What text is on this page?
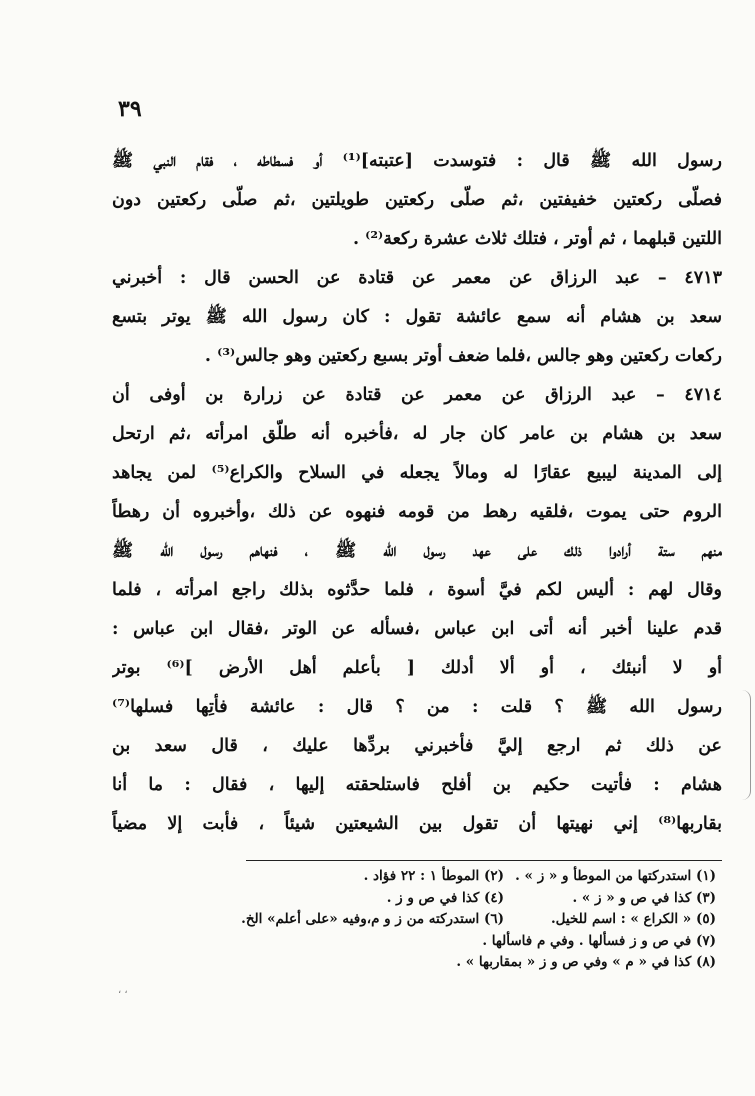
٣٩
رسول الله ﷺ قال : فتوسدت [عتبته]⁽¹⁾ أو فسطاطه ، فقام النبي ﷺ
فصلّى ركعتين خفيفتين ،ثم صلّى ركعتين طويلتين ،ثم صلّى ركعتين دون
اللتين قبلهما ، ثم أوتر ، فتلك ثلاث عشرة ركعة⁽²⁾ .
٤٧١٣ – عبد الرزاق عن معمر عن قتادة عن الحسن قال : أخبرني
سعد بن هشام أنه سمع عائشة تقول : كان رسول الله ﷺ يوتر بتسع
ركعات ركعتين وهو جالس ،فلما ضعف أوتر بسبع ركعتين وهو جالس⁽³⁾ .
٤٧١٤ – عبد الرزاق عن معمر عن قتادة عن زرارة بن أوفى أن
سعد بن هشام بن عامر كان جار له ،فأخبره أنه طلّق امرأته ،ثم ارتحل
إلى المدينة ليبيع عقارًا له ومالاً يجعله في السلاح والكراع⁽⁵⁾ لمن يجاهد
الروم حتى يموت ،فلقيه رهط من قومه فنهوه عن ذلك ،وأخبروه أن رهطاً
منهم ستة أرادوا ذلك على عهد رسول الله ﷺ ، فنهاهم رسول الله ﷺ
وقال لهم : أليس لكم فيَّ أسوة ، فلما حدَّثوه بذلك راجع امرأته ، فلما
قدم علينا أخبر أنه أتى ابن عباس ،فسأله عن الوتر ،فقال ابن عباس :
أو لا أنبئك ، أو ألا أدلك [ بأعلم أهل الأرض ]⁽⁶⁾ بوتر
رسول الله ﷺ ؟ قلت : من ؟ قال : عائشة فأتِها فسلها⁽⁷⁾
عن ذلك ثم ارجع إليَّ فأخبرني بردِّها عليك ، قال سعد بن
هشام : فأتيت حكيم بن أفلح فاستلحقته إليها ، فقال : ما أنا
بقاربها⁽⁸⁾ إني نهيتها أن تقول بين الشيعتين شيئاً ، فأبت إلا مضياً
(١) استدركتها من الموطأ و « ز » .
(٢) الموطأ ١ : ٢٢ فؤاد .
(٣) كذا في ص و « ز » .
(٤) كذا في ص و ز .
(٥) « الكراع » : اسم للخيل.
(٦) استدركته من ز و م،وفيه «على أعلم» الخ.
(٧) في ص و ز فسألها . وفي م فاسألها .
(٨) كذا في « م » وفي ص و ز « بمقاربها » .
، ،
